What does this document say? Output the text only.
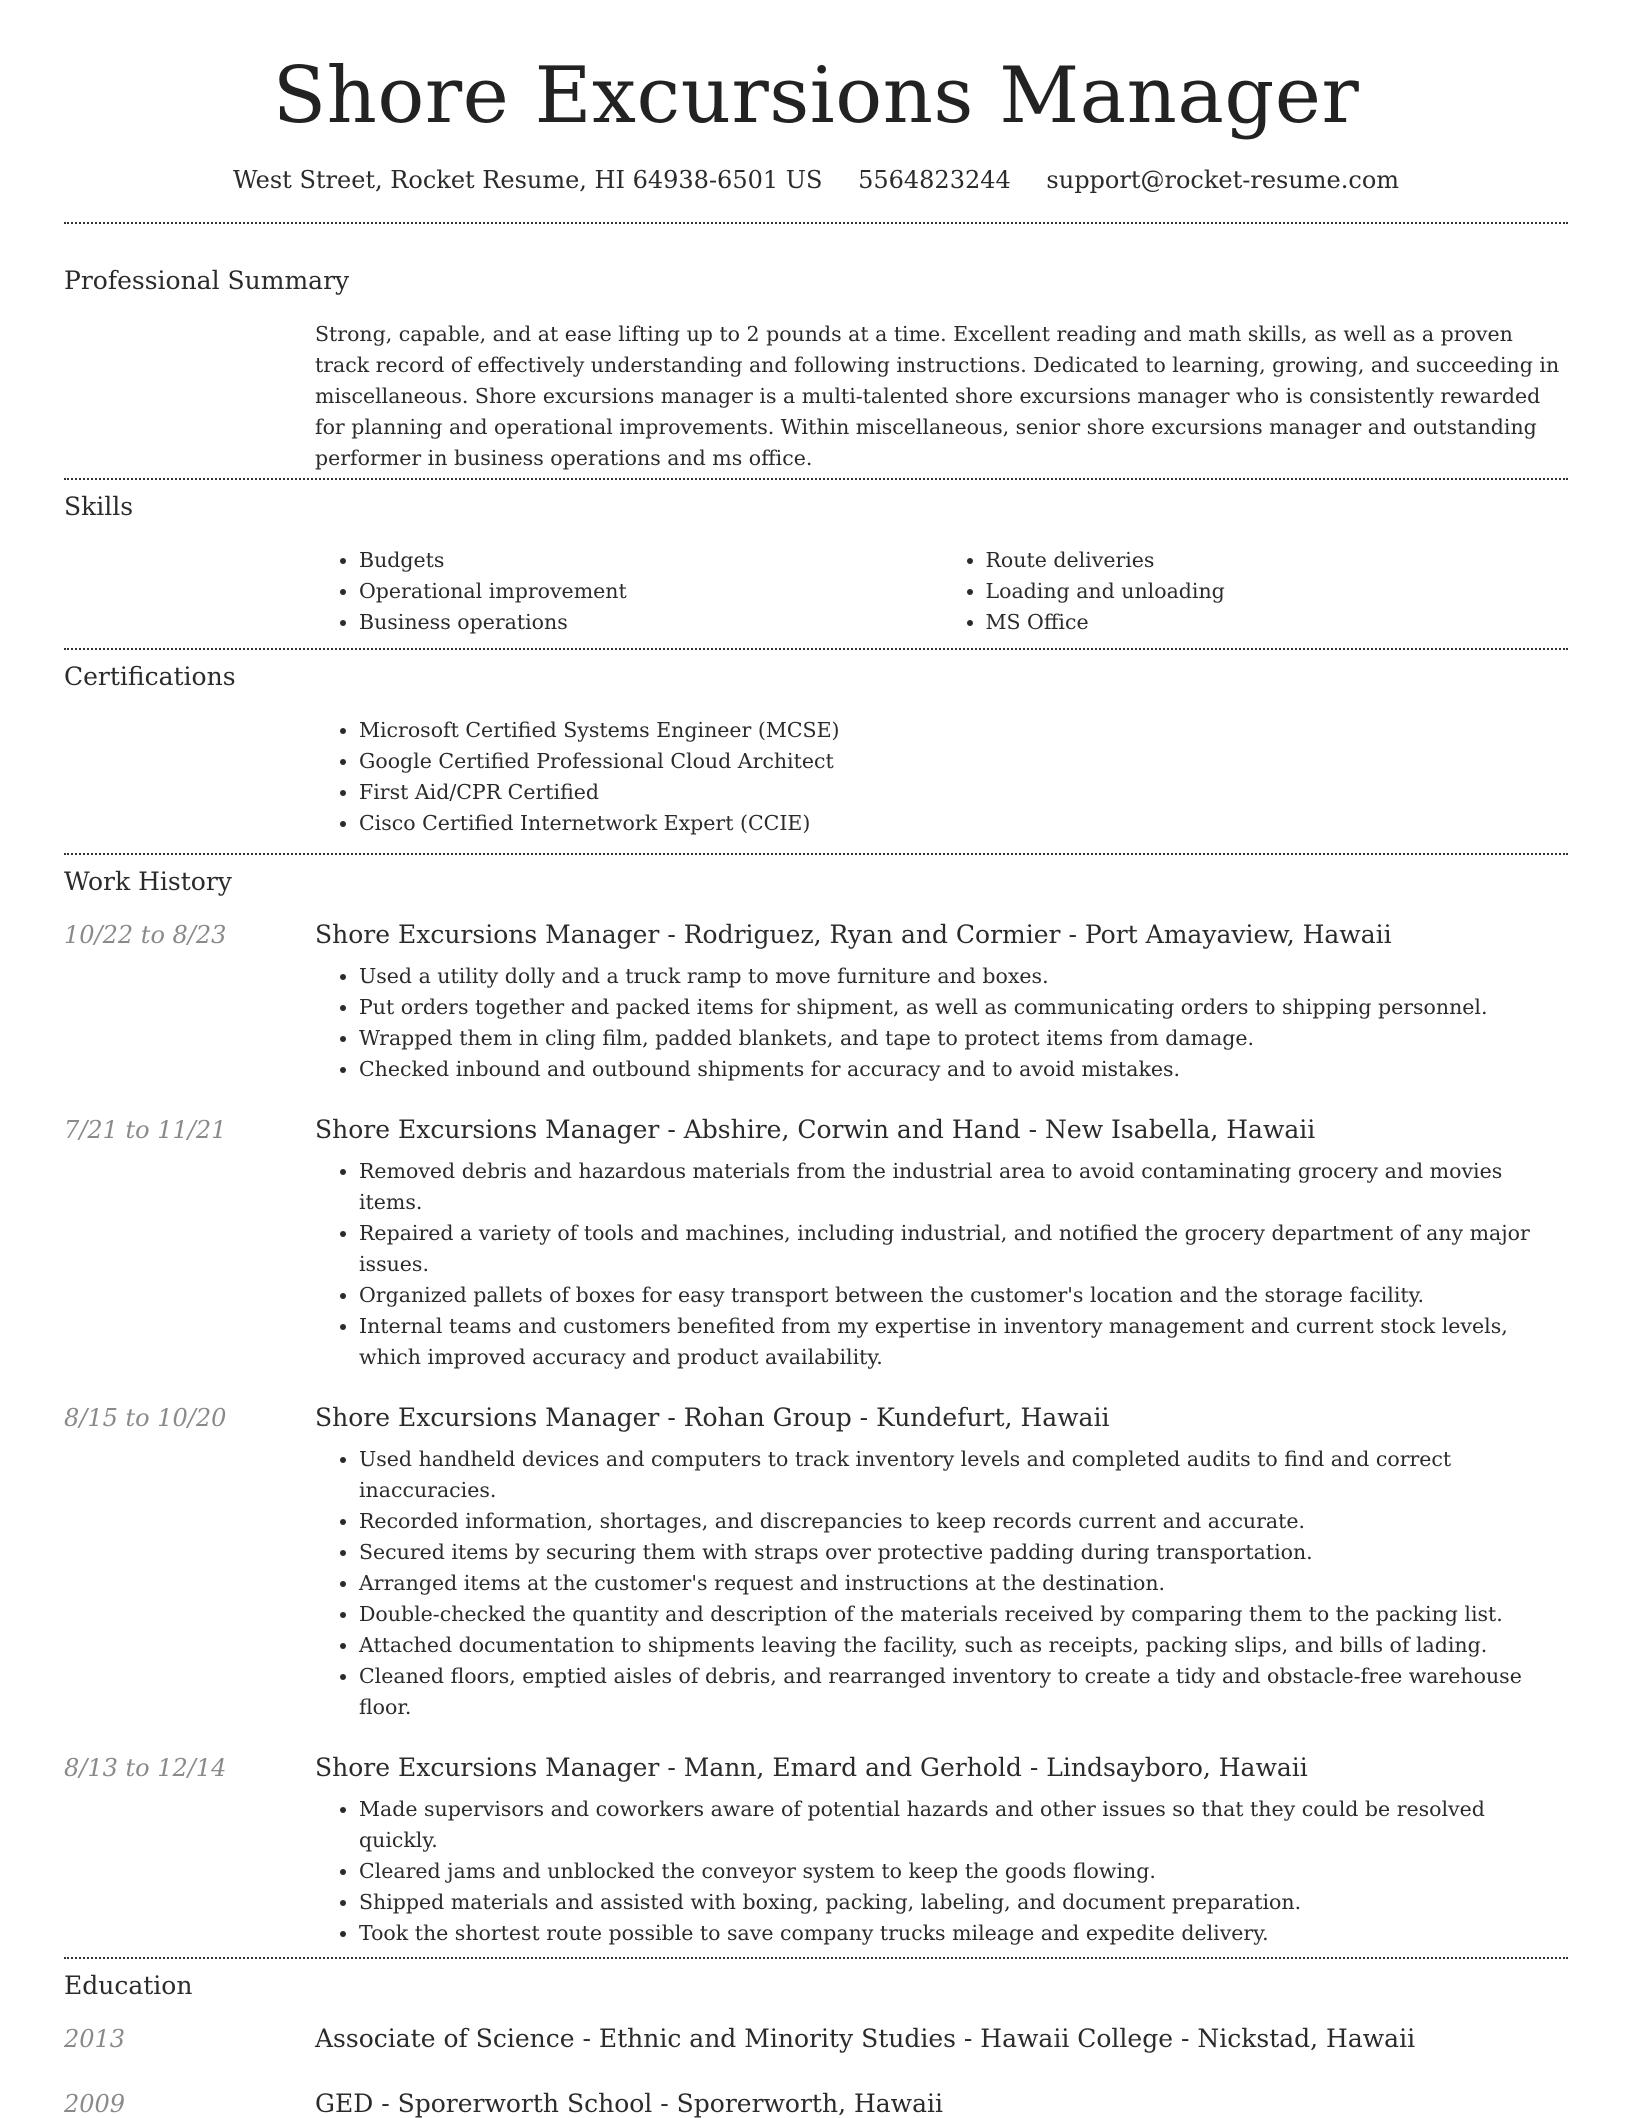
Shore Excursions Manager
West Street, Rocket Resume, HI 64938-6501 US 5564823244 support@rocket-resume.com
Professional Summary

Strong, capable, and at ease lifting up to 2 pounds at a time. Excellent reading and math skills, as well as a proven track record of effectively understanding and following instructions. Dedicated to learning, growing, and succeeding in miscellaneous. Shore excursions manager is a multi-talented shore excursions manager who is consistently rewarded for planning and operational improvements. Within miscellaneous, senior shore excursions manager and outstanding performer in business operations and ms office.

Skills
• Budgets
• Operational improvement
• Business operations
• Route deliveries
• Loading and unloading
• MS Office
Certifications
• Microsoft Certified Systems Engineer (MCSE)
• Google Certified Professional Cloud Architect
• First Aid/CPR Certified
• Cisco Certified Internetwork Expert (CCIE)
Work History
10/22 to 8/23	Shore Excursions Manager - Rodriguez, Ryan and Cormier - Port Amayaview, Hawaii
• Used a utility dolly and a truck ramp to move furniture and boxes.
• Put orders together and packed items for shipment, as well as communicating orders to shipping personnel.
• Wrapped them in cling film, padded blankets, and tape to protect items from damage.
• Checked inbound and outbound shipments for accuracy and to avoid mistakes.
7/21 to 11/21	Shore Excursions Manager - Abshire, Corwin and Hand - New Isabella, Hawaii
• Removed debris and hazardous materials from the industrial area to avoid contaminating grocery and movies items.
• Repaired a variety of tools and machines, including industrial, and notified the grocery department of any major issues.
• Organized pallets of boxes for easy transport between the customer's location and the storage facility.
• Internal teams and customers benefited from my expertise in inventory management and current stock levels, which improved accuracy and product availability.
8/15 to 10/20	Shore Excursions Manager - Rohan Group - Kundefurt, Hawaii
• Used handheld devices and computers to track inventory levels and completed audits to find and correct inaccuracies.
• Recorded information, shortages, and discrepancies to keep records current and accurate.
• Secured items by securing them with straps over protective padding during transportation.
• Arranged items at the customer's request and instructions at the destination.
• Double-checked the quantity and description of the materials received by comparing them to the packing list.
• Attached documentation to shipments leaving the facility, such as receipts, packing slips, and bills of lading.
• Cleaned floors, emptied aisles of debris, and rearranged inventory to create a tidy and obstacle-free warehouse floor.
8/13 to 12/14	Shore Excursions Manager - Mann, Emard and Gerhold - Lindsayboro, Hawaii
• Made supervisors and coworkers aware of potential hazards and other issues so that they could be resolved quickly.
• Cleared jams and unblocked the conveyor system to keep the goods flowing.
• Shipped materials and assisted with boxing, packing, labeling, and document preparation.
• Took the shortest route possible to save company trucks mileage and expedite delivery.
Education
2013	Associate of Science - Ethnic and Minority Studies - Hawaii College - Nickstad, Hawaii
2009	GED - Sporerworth School - Sporerworth, Hawaii
